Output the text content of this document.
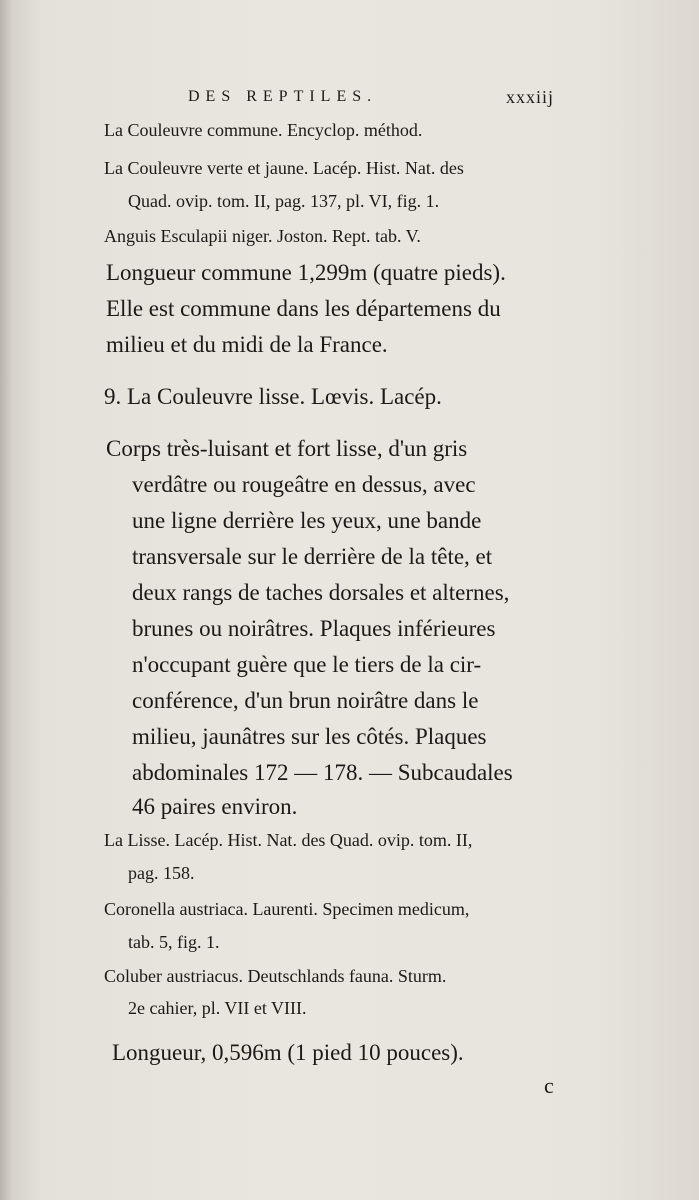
DES REPTILES.	xxxiij
La Couleuvre commune. Encyclop. méthod.
La Couleuvre verte et jaune. Lacép. Hist. Nat. des
Quad. ovip. tom. II, pag. 137, pl. VI, fig. 1.
Anguis Esculapii niger. Joston. Rept. tab. V.
Longueur commune 1,299m (quatre pieds).
Elle est commune dans les départemens du
milieu et du midi de la France.
9. La Couleuvre lisse. Lœvis. Lacép.
Corps très-luisant et fort lisse, d'un gris
verdâtre ou rougeâtre en dessus, avec
une ligne derrière les yeux, une bande
transversale sur le derrière de la tête, et
deux rangs de taches dorsales et alternes,
brunes ou noirâtres. Plaques inférieures
n'occupant guère que le tiers de la cir-
conférence, d'un brun noirâtre dans le
milieu, jaunâtres sur les côtés. Plaques
abdominales 172 — 178. — Subcaudales
46 paires environ.
La Lisse. Lacép. Hist. Nat. des Quad. ovip. tom. II,
pag. 158.
Coronella austriaca. Laurenti. Specimen medicum,
tab. 5, fig. 1.
Coluber austriacus. Deutschlands fauna. Sturm.
2e cahier, pl. VII et VIII.
Longueur, 0,596m (1 pied 10 pouces).
c
